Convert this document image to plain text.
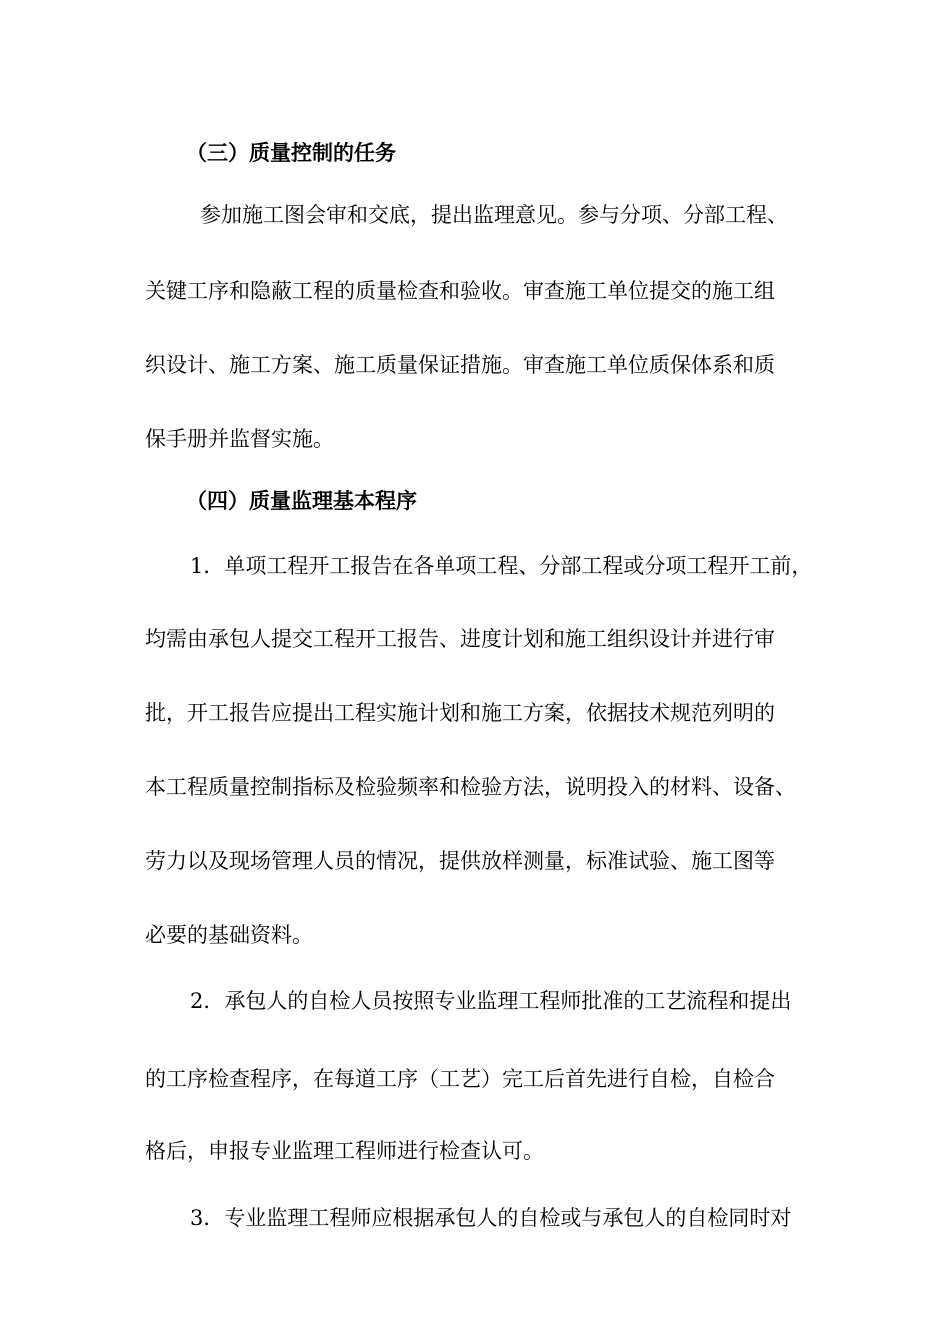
（三）质量控制的任务
参加施工图会审和交底，提出监理意见。参与分项、分部工程、
关键工序和隐蔽工程的质量检查和验收。审查施工单位提交的施工组
织设计、施工方案、施工质量保证措施。审查施工单位质保体系和质
保手册并监督实施。
（四）质量监理基本程序
1．单项工程开工报告在各单项工程、分部工程或分项工程开工前，
均需由承包人提交工程开工报告、进度计划和施工组织设计并进行审
批，开工报告应提出工程实施计划和施工方案，依据技术规范列明的
本工程质量控制指标及检验频率和检验方法，说明投入的材料、设备、
劳力以及现场管理人员的情况，提供放样测量，标准试验、施工图等
必要的基础资料。
2．承包人的自检人员按照专业监理工程师批准的工艺流程和提出
的工序检查程序，在每道工序（工艺）完工后首先进行自检，自检合
格后，申报专业监理工程师进行检查认可。
3．专业监理工程师应根据承包人的自检或与承包人的自检同时对
